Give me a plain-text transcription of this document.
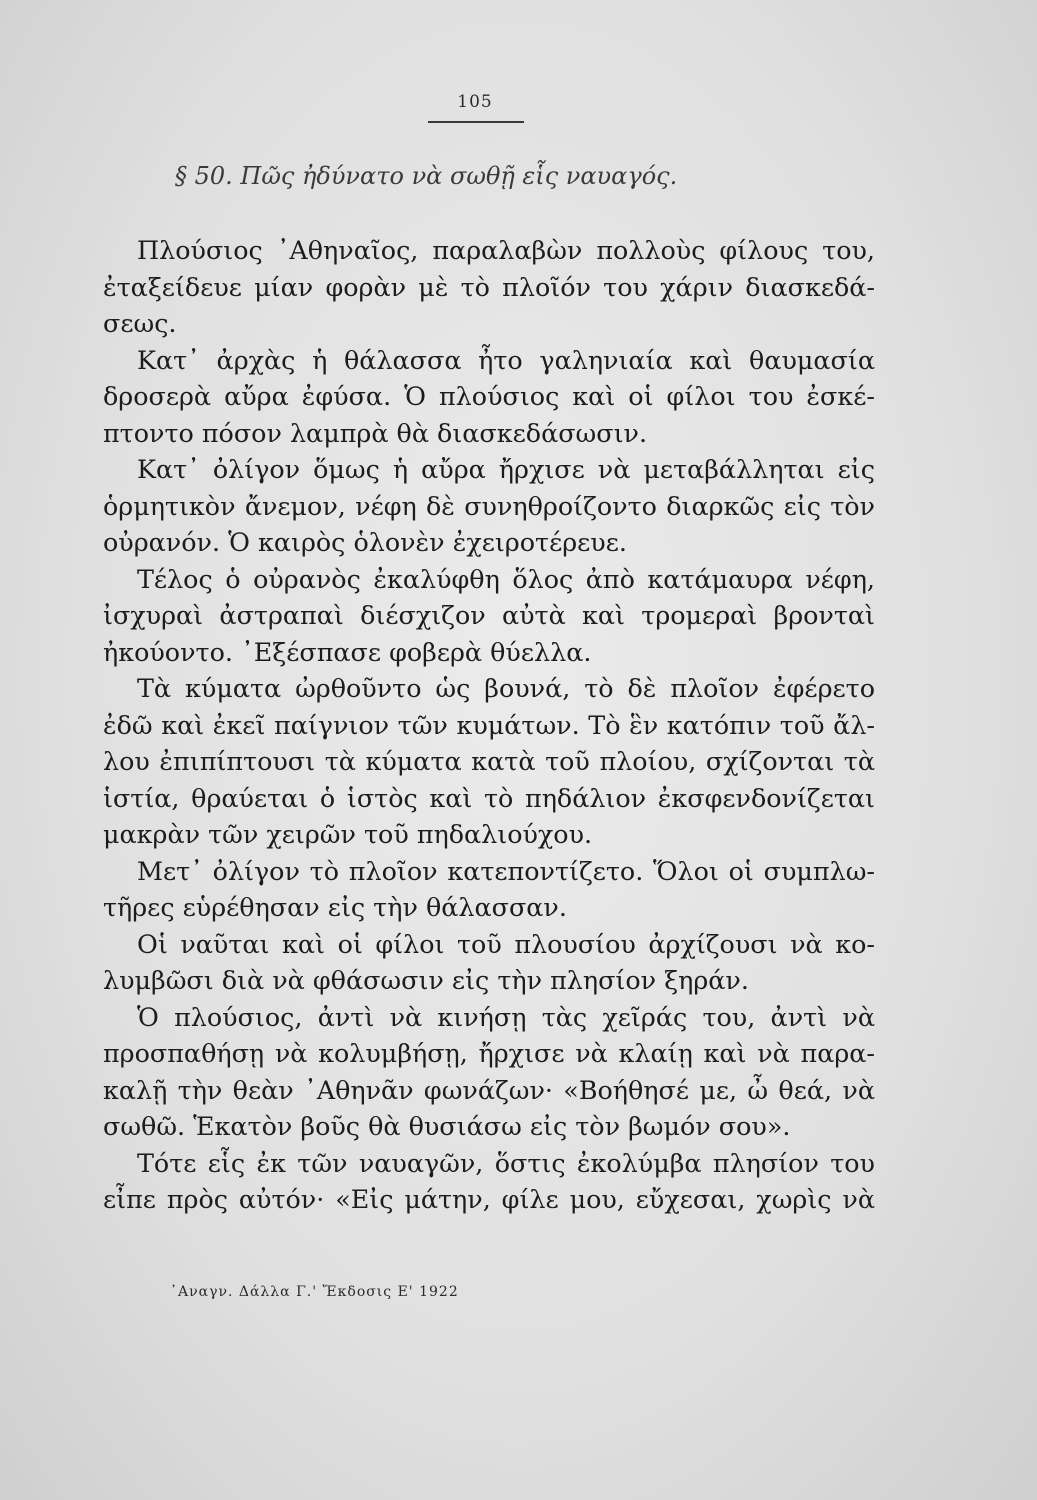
105
§ 50. Πῶς ἠδύνατο νὰ σωθῇ εἷς ναυαγός.
Πλούσιος ᾿Αθηναῖος, παραλαβὼν πολλοὺς φίλους του,
ἐταξείδευε μίαν φορὰν μὲ τὸ πλοῖόν του χάριν διασκεδά-
σεως.
Κατ᾿ ἀρχὰς ἡ θάλασσα ἦτο γαληνιαία καὶ θαυμασία
δροσερὰ αὔρα ἐφύσα. Ὁ πλούσιος καὶ οἱ φίλοι του ἐσκέ-
πτοντο πόσον λαμπρὰ θὰ διασκεδάσωσιν.
Κατ᾿ ὀλίγον ὅμως ἡ αὔρα ἤρχισε νὰ μεταβάλληται εἰς
ὁρμητικὸν ἄνεμον, νέφη δὲ συνηθροίζοντο διαρκῶς εἰς τὸν
οὐρανόν. Ὁ καιρὸς ὁλονὲν ἐχειροτέρευε.
Τέλος ὁ οὐρανὸς ἐκαλύφθη ὅλος ἀπὸ κατάμαυρα νέφη,
ἰσχυραὶ ἀστραπαὶ διέσχιζον αὐτὰ καὶ τρομεραὶ βρονταὶ
ἠκούοντο. ᾿Εξέσπασε φοβερὰ θύελλα.
Τὰ κύματα ὠρθοῦντο ὡς βουνά, τὸ δὲ πλοῖον ἐφέρετο
ἐδῶ καὶ ἐκεῖ παίγνιον τῶν κυμάτων. Τὸ ἓν κατόπιν τοῦ ἄλ-
λου ἐπιπίπτουσι τὰ κύματα κατὰ τοῦ πλοίου, σχίζονται τὰ
ἱστία, θραύεται ὁ ἱστὸς καὶ τὸ πηδάλιον ἐκσφενδονίζεται
μακρὰν τῶν χειρῶν τοῦ πηδαλιούχου.
Μετ᾿ ὀλίγον τὸ πλοῖον κατεποντίζετο. Ὅλοι οἱ συμπλω-
τῆρες εὑρέθησαν εἰς τὴν θάλασσαν.
Οἱ ναῦται καὶ οἱ φίλοι τοῦ πλουσίου ἀρχίζουσι νὰ κο-
λυμβῶσι διὰ νὰ φθάσωσιν εἰς τὴν πλησίον ξηράν.
Ὁ πλούσιος, ἀντὶ νὰ κινήσῃ τὰς χεῖράς του, ἀντὶ νὰ
προσπαθήσῃ νὰ κολυμβήσῃ, ἤρχισε νὰ κλαίῃ καὶ νὰ παρα-
καλῇ τὴν θεὰν ᾿Αθηνᾶν φωνάζων· «Βοήθησέ με, ὦ θεά, νὰ
σωθῶ. Ἑκατὸν βοῦς θὰ θυσιάσω εἰς τὸν βωμόν σου».
Τότε εἷς ἐκ τῶν ναυαγῶν, ὅστις ἐκολύμβα πλησίον του
εἶπε πρὸς αὐτόν· «Εἰς μάτην, φίλε μου, εὔχεσαι, χωρὶς νὰ
᾿Αναγν. Δάλλα Γ.' Ἔκδοσις Ε' 1922
